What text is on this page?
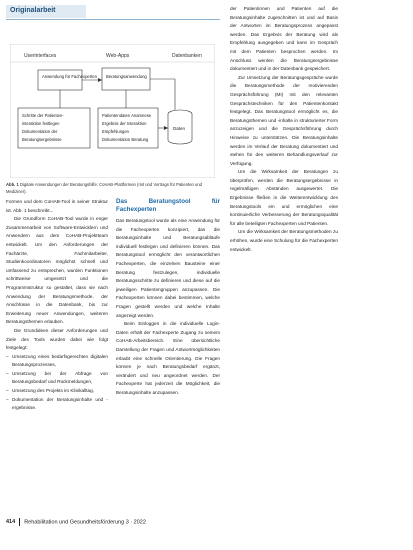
Originalarbeit
Userinterfaces	Web-Apps	Datenbanken
Anwendung für Fachexperten Beratungsanwendung
Schritte der Patienten-
interaktion festlegen
Dokumentation der
Beratungsergebnisse
Patientendaten Anamnese
Ergebnis der Interaktion
Empfehlungen
Dokumentation Beratung
Daten
Abb. 1 Digitale Anwendungen der Beratungshilfe: CoHAB-Plattformen (mit und Vortrags für Patienten und Mediziner).

Formen und dem CoHAB-Tool in seiner Struktur ist. Abb. 1 beschreibt...

Die Grundform CoHAB-Tool wurde in enger Zusammenarbeit von Software-Entwicklern und Anwendern aus dem CoHAB-Projektteam entwickelt. Um den Anforderungen der Fachärzte, Fachmitarbeiter, Studienkoordinatoren möglichst schnell und umfassend zu entsprechen, wurden Funktionen schrittweise umgesetzt und die Programmstruktur so gestaltet, dass sie nach Anwendung der Beratungsmethode, der Anschlüsse in die Datenbank, bis zur Erweiterung neuer Anwendungen, weiteren Beratungsthemen erlauben.

Die Grundideen dieser Anforderungen und Ziele des Tools wurden dabei wie folgt festgelegt:

– Umsetzung eines bedarfsgerechten digitalen Beratungsprozesses,
– Umsetzung bei der Abfrage von Beratungsbedarf und Rückmeldungen,
– Umsetzung des Projekts im Klinikalltag,
– Dokumentation der Beratungsinhalte und -ergebnisse.
Das Beratungstool für Fachexperten

Das Beratungstool wurde als eine Anwendung für die Fachexperten konzipiert, das die Beratungsinhalte und Beratungsabläufe individuell festlegen und definieren können. Das Beratungstool ermöglicht den verantwortlichen Fachexperten, die einzelnen Bausteine einer Beratung festzulegen, individuelle Beratungsschritte zu definieren und diese auf die jeweiligen Patientengruppen anzupassen. Die Fachexperten können dabei bestimmen, welche Fragen gestellt werden und welche Inhalte angezeigt werden.

Beim Einloggen in die individuelle Login-Daten erhält der Fachexperte Zugang zu seinem CoHAB-Arbeitsbereich. Eine übersichtliche Darstellung der Fragen und Antwortmöglichkeiten erlaubt eine schnelle Orientierung. Die Fragen können je nach Beratungsbedarf ergänzt, verändert und neu angeordnet werden. Der Fachexperte hat jederzeit die Möglichkeit, die Beratungsinhalte anzupassen.

der Patientinnen und Patienten auf die Beratungsinhalte zugeschnitten ist und auf Basis der Antworten im Beratungsprozess angepasst werden. Das Ergebnis der Beratung wird als Empfehlung ausgegeben und kann im Gespräch mit dem Patienten besprochen werden. Im Anschluss werden die Beratungsergebnisse dokumentiert und in der Datenbank gespeichert.

Zur Umsetzung der Beratungsgespräche wurde die Beratungsmethode der motivierenden Gesprächsführung (MI) mit den relevanten Gesprächstechniken für den Patientenkontakt festgelegt. Das Beratungstool ermöglicht es, die Beratungsthemen und -inhalte in strukturierter Form anzuzeigen und die Gesprächsführung durch Hinweise zu unterstützen. Die Beratungsinhalte werden im Verlauf der Beratung dokumentiert und stehen für den weiteren Behandlungsverlauf zur Verfügung.

Um die Wirksamkeit der Beratungen zu überprüfen, werden die Beratungsergebnisse in regelmäßigen Abständen ausgewertet. Die Ergebnisse fließen in die Weiterentwicklung des Beratungstools ein und ermöglichen eine kontinuierliche Verbesserung der Beratungsqualität für alle beteiligten Fachexperten und Patienten.

Um die Wirksamkeit der Beratungsmethoden zu erhöhen, wurde eine Schulung für die Fachexperten entwickelt.

414 Rehabilitation und Gesundheitsförderung 3 · 2022
